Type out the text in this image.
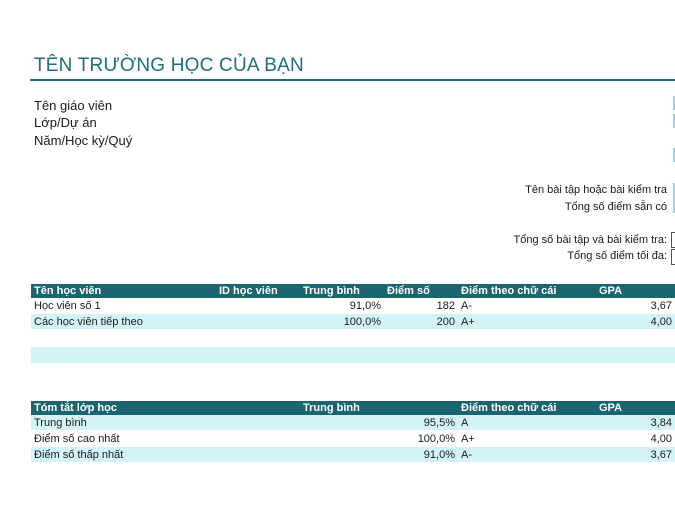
TÊN TRƯỜNG HỌC CỦA BẠN
Tên giáo viên
Lớp/Dự án
Năm/Học kỳ/Quý
Tên bài tập hoặc bài kiểm tra
Tổng số điểm sẵn có
Tổng số bài tập và bài kiểm tra:
Tổng số điểm tối đa:
Tên học viên	ID học viên	Trung bình	Điểm số	Điểm theo chữ cái	GPA
Học viên số 1		91,0%	182	A-	3,67
Các học viên tiếp theo		100,0%	200	A+	4,00

Tóm tắt lớp học	Trung bình	Điểm theo chữ cái	GPA
Trung bình	95,5%	A	3,84
Điểm số cao nhất	100,0%	A+	4,00
Điểm số thấp nhất	91,0%	A-	3,67
